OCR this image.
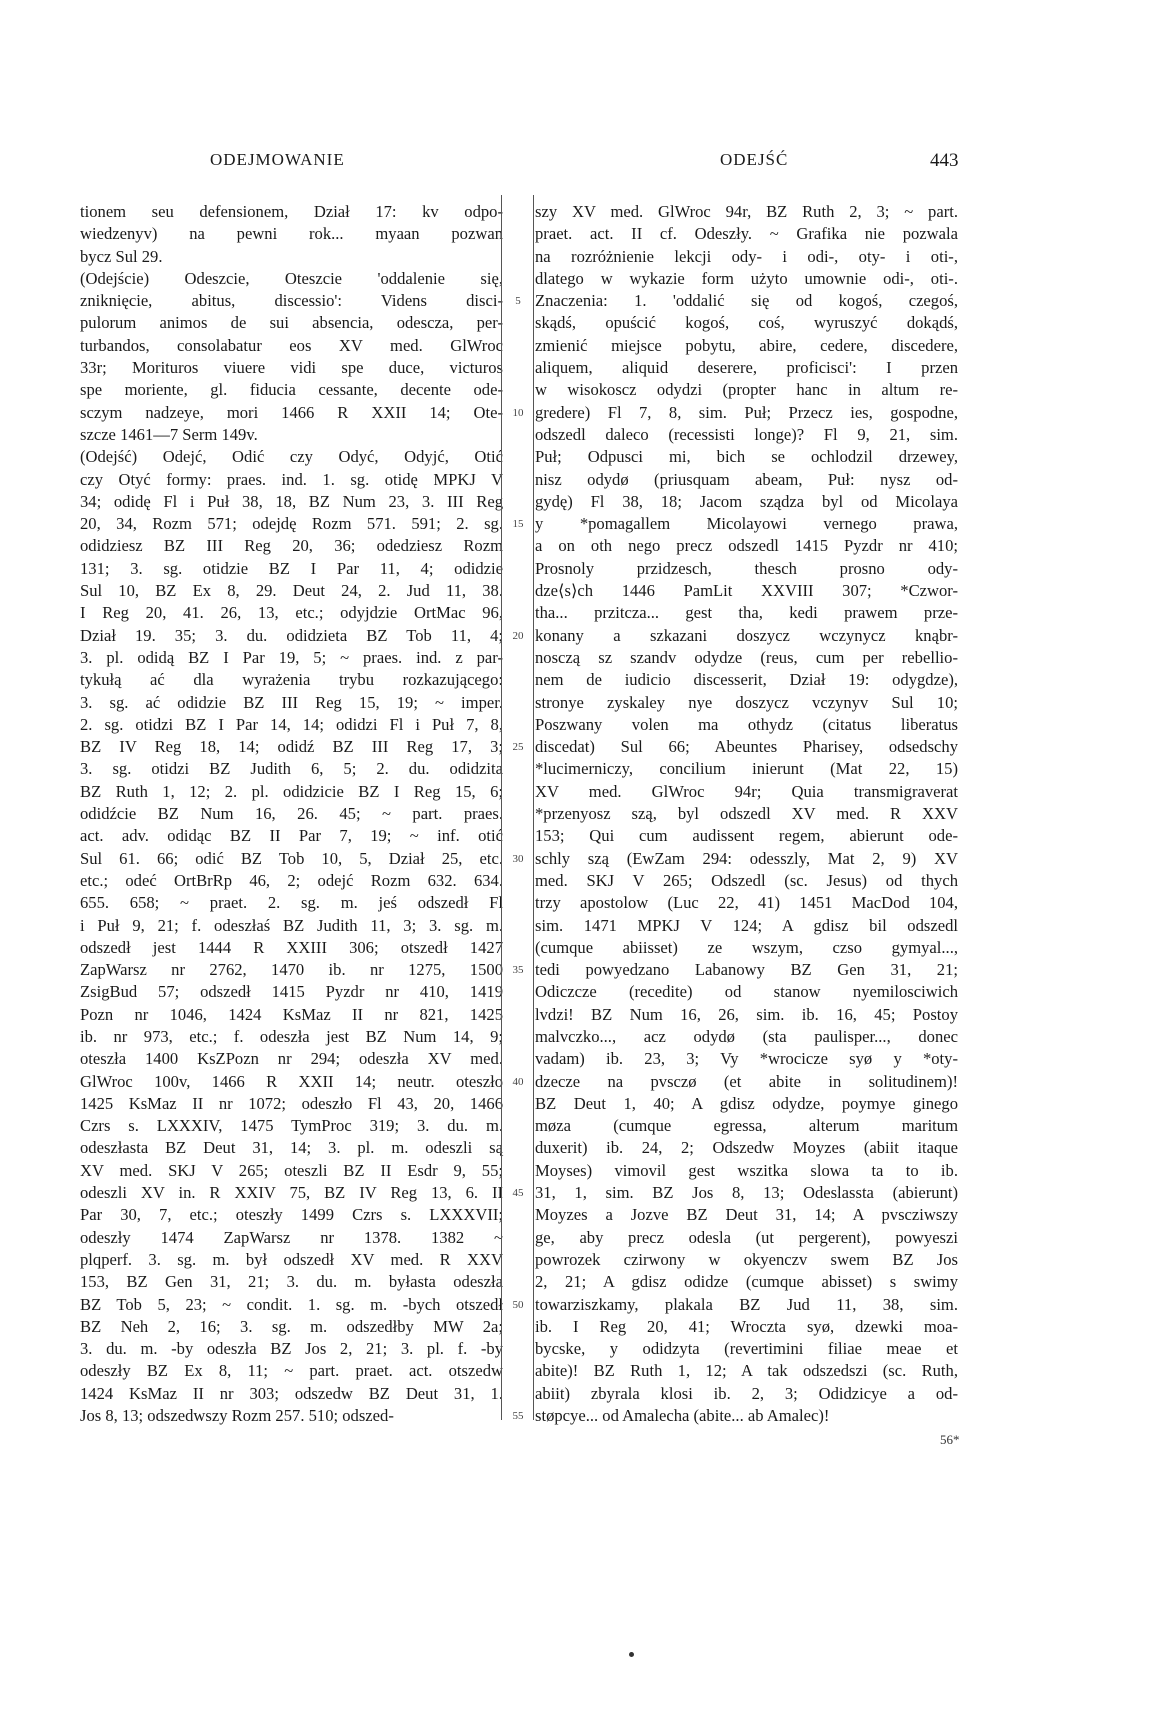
ODEJMOWANIE	ODEJŚĆ	443

tionem seu defensionem, Dział 17: kv odpo-

wiedzenyv) na pewni rok... myaan pozwan

bycz Sul 29.

(Odejście) Odeszcie, Oteszcie 'oddalenie się,

zniknięcie, abitus, discessio': Videns disci-

pulorum animos de sui absencia, odescza, per-

turbandos, consolabatur eos XV med. GlWroc

33r; Morituros viuere vidi spe duce, victuros

spe moriente, gl. fiducia cessante, decente ode-

sczym nadzeye, mori 1466 R XXII 14; Ote-

szcze 1461—7 Serm 149v.

(Odejść) Odejć, Odić czy Odyć, Odyjć, Otić

czy Otyć formy: praes. ind. 1. sg. otidę MPKJ V

34; odidę Fl i Puł 38, 18, BZ Num 23, 3. III Reg

20, 34, Rozm 571; odejdę Rozm 571. 591; 2. sg.

odidziesz BZ III Reg 20, 36; odedziesz Rozm

131; 3. sg. otidzie BZ I Par 11, 4; odidzie

Sul 10, BZ Ex 8, 29. Deut 24, 2. Jud 11, 38.

I Reg 20, 41. 26, 13, etc.; odyjdzie OrtMac 96,

Dział 19. 35; 3. du. odidzieta BZ Tob 11, 4;

3. pl. odidą BZ I Par 19, 5; ~ praes. ind. z par-

tykułą ać dla wyrażenia trybu rozkazującego:

3. sg. ać odidzie BZ III Reg 15, 19; ~ imper.

2. sg. otidzi BZ I Par 14, 14; odidzi Fl i Puł 7, 8,

BZ IV Reg 18, 14; odidź BZ III Reg 17, 3;

3. sg. otidzi BZ Judith 6, 5; 2. du. odidzita

BZ Ruth 1, 12; 2. pl. odidzicie BZ I Reg 15, 6;

odidźcie BZ Num 16, 26. 45; ~ part. praes.

act. adv. odidąc BZ II Par 7, 19; ~ inf. otić

Sul 61. 66; odić BZ Tob 10, 5, Dział 25, etc.

etc.; odeć OrtBrRp 46, 2; odejć Rozm 632. 634.

655. 658; ~ praet. 2. sg. m. jeś odszedł Fl

i Puł 9, 21; f. odeszłaś BZ Judith 11, 3; 3. sg. m.

odszedł jest 1444 R XXIII 306; otszedł 1427

ZapWarsz nr 2762, 1470 ib. nr 1275, 1500

ZsigBud 57; odszedł 1415 Pyzdr nr 410, 1419

Pozn nr 1046, 1424 KsMaz II nr 821, 1425

ib. nr 973, etc.; f. odeszła jest BZ Num 14, 9;

oteszła 1400 KsZPozn nr 294; odeszła XV med.

GlWroc 100v, 1466 R XXII 14; neutr. oteszło

1425 KsMaz II nr 1072; odeszło Fl 43, 20, 1466

Czrs s. LXXXIV, 1475 TymProc 319; 3. du. m.

odeszłasta BZ Deut 31, 14; 3. pl. m. odeszli są

XV med. SKJ V 265; oteszli BZ II Esdr 9, 55;

odeszli XV in. R XXIV 75, BZ IV Reg 13, 6. II

Par 30, 7, etc.; oteszły 1499 Czrs s. LXXXVII;

odeszły 1474 ZapWarsz nr 1378. 1382 ~

plqperf. 3. sg. m. był odszedł XV med. R XXV

153, BZ Gen 31, 21; 3. du. m. byłasta odeszła

BZ Tob 5, 23; ~ condit. 1. sg. m. -bych otszedł

BZ Neh 2, 16; 3. sg. m. odszedłby MW 2a;

3. du. m. -by odeszła BZ Jos 2, 21; 3. pl. f. -by

odeszły BZ Ex 8, 11; ~ part. praet. act. otszedw

1424 KsMaz II nr 303; odszedw BZ Deut 31, 1.

Jos 8, 13; odszedwszy Rozm 257. 510; odszed-

5
10
15
20
25
30
35
40
45
50
55

szy XV med. GlWroc 94r, BZ Ruth 2, 3; ~ part.

praet. act. II cf. Odeszły. ~ Grafika nie pozwala

na rozróżnienie lekcji ody- i odi-, oty- i oti-,

dlatego w wykazie form użyto umownie odi-, oti-.

Znaczenia: 1. 'oddalić się od kogoś, czegoś,

skądś, opuścić kogoś, coś, wyruszyć dokądś,

zmienić miejsce pobytu, abire, cedere, discedere,

aliquem, aliquid deserere, proficisci': I przen

w wisokoscz odydzi (propter hanc in altum re-

gredere) Fl 7, 8, sim. Puł; Przecz ies, gospodne,

odszedl daleco (recessisti longe)? Fl 9, 21, sim.

Puł; Odpusci mi, bich se ochlodzil drzewey,

nisz odydø (priusquam abeam, Puł: nysz od-

gydę) Fl 38, 18; Jacom sządza byl od Micolaya

y *pomagallem Micolayowi vernego prawa,

a on oth nego precz odszedl 1415 Pyzdr nr 410;

Prosnoly przidzesch, thesch prosno ody-

dze⟨s⟩ch 1446 PamLit XXVIII 307; *Czwor-

tha... przitcza... gest tha, kedi prawem prze-

konany a szkazani doszycz wczynycz knąbr-

nosczą sz szandv odydze (reus, cum per rebellio-

nem de iudicio discesserit, Dział 19: odygdze),

stronye zyskaley nye doszycz vczynyv Sul 10;

Poszwany volen ma othydz (citatus liberatus

discedat) Sul 66; Abeuntes Pharisey, odsedschy

*lucimerniczy, concilium inierunt (Mat 22, 15)

XV med. GlWroc 94r; Quia transmigraverat

*przenyosz szą, byl odszedl XV med. R XXV

153; Qui cum audissent regem, abierunt ode-

schly szą (EwZam 294: odesszly, Mat 2, 9) XV

med. SKJ V 265; Odszedl (sc. Jesus) od thych

trzy apostolow (Luc 22, 41) 1451 MacDod 104,

sim. 1471 MPKJ V 124; A gdisz bil odszedl

(cumque abiisset) ze wszym, czso gymyal...,

tedi powyedzano Labanowy BZ Gen 31, 21;

Odiczcze (recedite) od stanow nyemilosciwich

lvdzi! BZ Num 16, 26, sim. ib. 16, 45; Postoy

malvczko..., acz odydø (sta paulisper..., donec

vadam) ib. 23, 3; Vy *wrocicze syø y *oty-

dzecze na pvsczø (et abite in solitudinem)!

BZ Deut 1, 40; A gdisz odydze, poymye ginego

møza (cumque egressa, alterum maritum

duxerit) ib. 24, 2; Odszedw Moyzes (abiit itaque

Moyses) vimovil gest wszitka slowa ta to ib.

31, 1, sim. BZ Jos 8, 13; Odeslassta (abierunt)

Moyzes a Jozve BZ Deut 31, 14; A pvscziwszy

ge, aby precz odesla (ut pergerent), powyeszi

powrozek czirwony w okyenczv swem BZ Jos

2, 21; A gdisz odidze (cumque abisset) s swimy

towarziszkamy, plakala BZ Jud 11, 38, sim.

ib. I Reg 20, 41; Wroczta syø, dzewki moa-

bycske, y odidzyta (revertimini filiae meae et

abite)! BZ Ruth 1, 12; A tak odszedszi (sc. Ruth,

abiit) zbyrala klosi ib. 2, 3; Odidzicye a od-

støpcye... od Amalecha (abite... ab Amalec)!

56*
